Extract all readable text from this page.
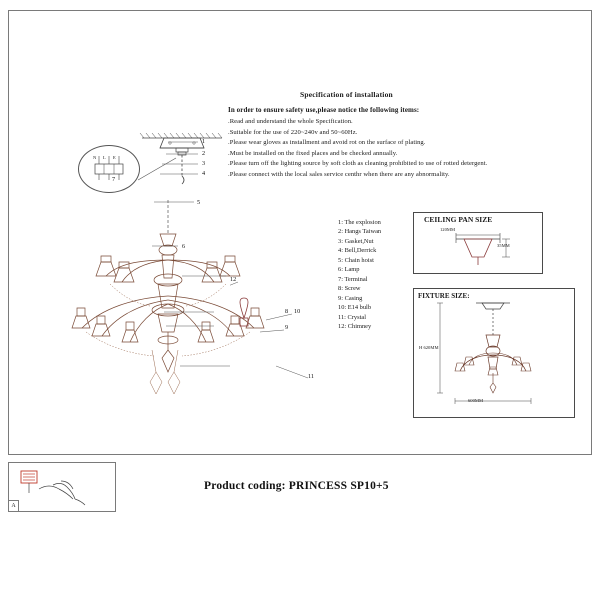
Specification of installation
In order to ensure safety use,please notice the following items:
.Read and understand the whole Specification.
.Suitable for the use of 220~240v and 50~60Hz.
.Please wear gloves as installment and avoid rot on the surface of plating.
.Must be installed on the fixed places and be checked annually.
.Please turn off the lighting source by soft cloth as cleaning prohibited to use of rotted detergent.
.Please connect with the local sales service centhr when there are any abnormality.
1: The explosion
2: Hangs Taiwan
3: Gasket,Nut
4: Bell,Derrick
5: Chain hoist
6: Lamp
7: Terminal
8: Screw
9: Casing
10: E14 bulb
11: Crystal
12: Chimney
CEILING PAN SIZE
120MM
35MM
FIXTURE SIZE:
H 620MM
600MM
N L E
1
2
3
4
5
6
7
8
9
10
11
12
A
Product coding: PRINCESS SP10+5
